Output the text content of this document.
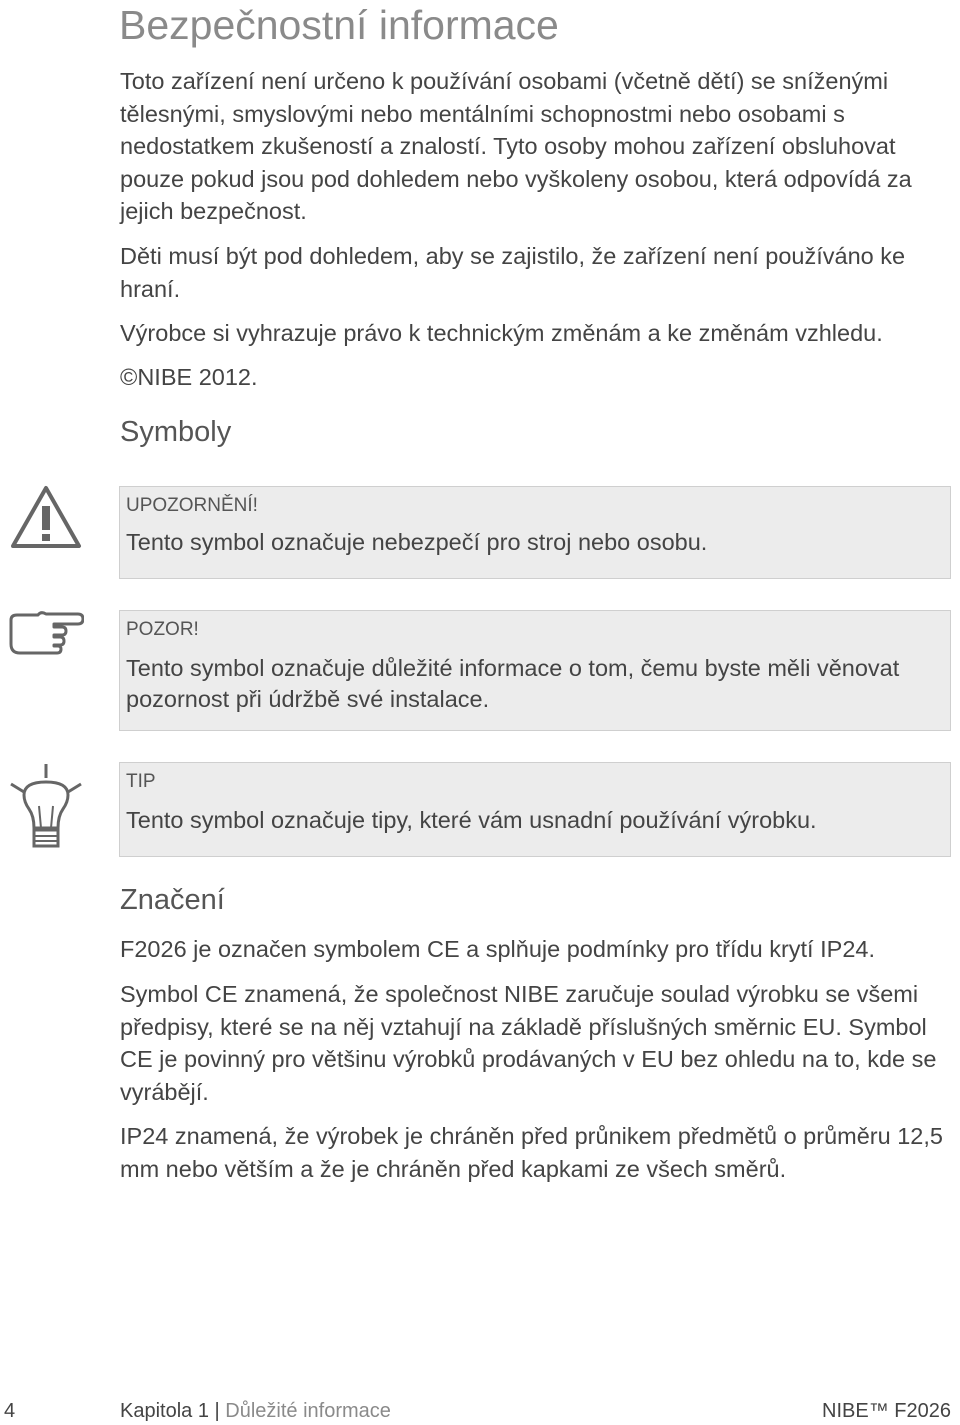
Bezpečnostní informace

Toto zařízení není určeno k používání osobami (včetně dětí) se sníženými tělesnými, smyslovými nebo mentálními schopnostmi nebo osobami s nedostatkem zkušeností a znalostí. Tyto osoby mohou zařízení obsluhovat pouze pokud jsou pod dohledem nebo vyškoleny osobou, která odpovídá za jejich bezpečnost.

Děti musí být pod dohledem, aby se zajistilo, že zařízení není používáno ke hraní.

Výrobce si vyhrazuje právo k technickým změnám a ke změnám vzhledu.

©NIBE 2012.

Symboly
UPOZORNĚNÍ!
Tento symbol označuje nebezpečí pro stroj nebo osobu.
POZOR!
Tento symbol označuje důležité informace o tom, čemu byste měli věnovat pozornost při údržbě své instalace.
TIP
Tento symbol označuje tipy, které vám usnadní používání výrobku.
Značení

F2026 je označen symbolem CE a splňuje podmínky pro třídu krytí IP24.

Symbol CE znamená, že společnost NIBE zaručuje soulad výrobku se všemi předpisy, které se na něj vztahují na základě příslušných směrnic EU. Symbol CE je povinný pro většinu výrobků prodávaných v EU bez ohledu na to, kde se vyrábějí.

IP24 znamená, že výrobek je chráněn před průnikem předmětů o průměru 12,5 mm nebo větším a že je chráněn před kapkami ze všech směrů.

4	Kapitola 1 | Důležité informace	NIBE™ F2026
